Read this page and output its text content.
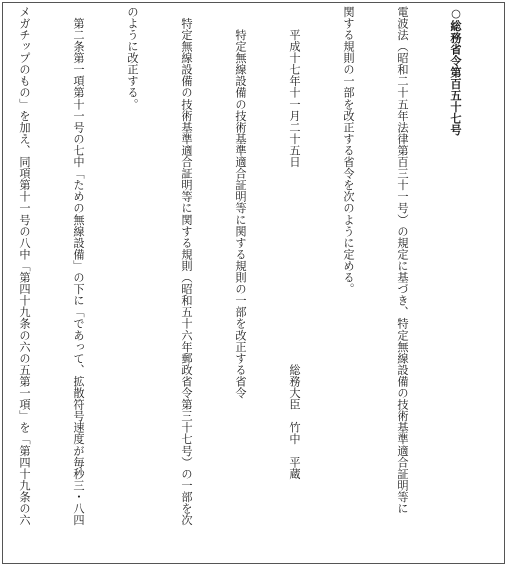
○総務省令第百五十七号

電波法（昭和二十五年法律第百三十一号）の規定に基づき、特定無線設備の技術基準適合証明等に

関する規則の一部を改正する省令を次のように定める。

　　平成十七年十一月二十五日　　　　　　　　　　　　　　　　　総務大臣　竹中　平蔵

　　特定無線設備の技術基準適合証明等に関する規則の一部を改正する省令

　特定無線設備の技術基準適合証明等に関する規則（昭和五十六年郵政省令第三十七号）の一部を次

のように改正する。

　第二条第一項第十一号の七中「ための無線設備」の下に「であって、拡散符号速度が毎秒三・八四

メガチップのもの」を加え、同項第十一号の八中「第四十九条の六の五第一項」を「第四十九条の六
